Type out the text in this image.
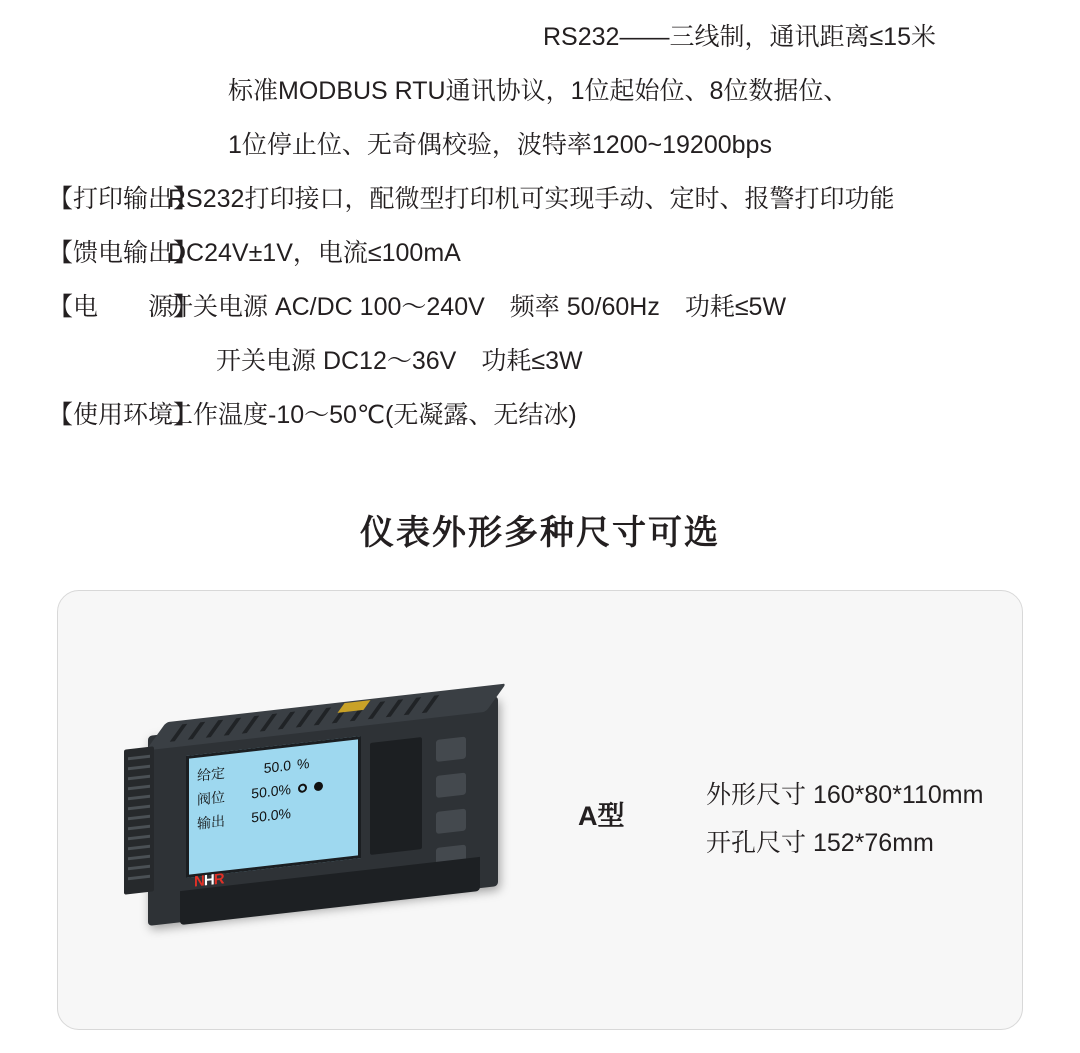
RS232——三线制，通讯距离≤15米
标准MODBUS RTU通讯协议，1位起始位、8位数据位、
1位停止位、无奇偶校验，波特率1200~19200bps
【打印输出】
RS232打印接口，配微型打印机可实现手动、定时、报警打印功能
【馈电输出】
DC24V±1V，电流≤100mA
【电　　源】
开关电源 AC/DC 100～240V　频率 50/60Hz　功耗≤5W
开关电源 DC12～36V　功耗≤3W
【使用环境】
工作温度-10～50℃(无凝露、无结冰)
仪表外形多种尺寸可选
给定	50.0 %
阀位	50.0%
输出	50.0%
NHR
A型
外形尺寸 160*80*110mm
开孔尺寸 152*76mm
